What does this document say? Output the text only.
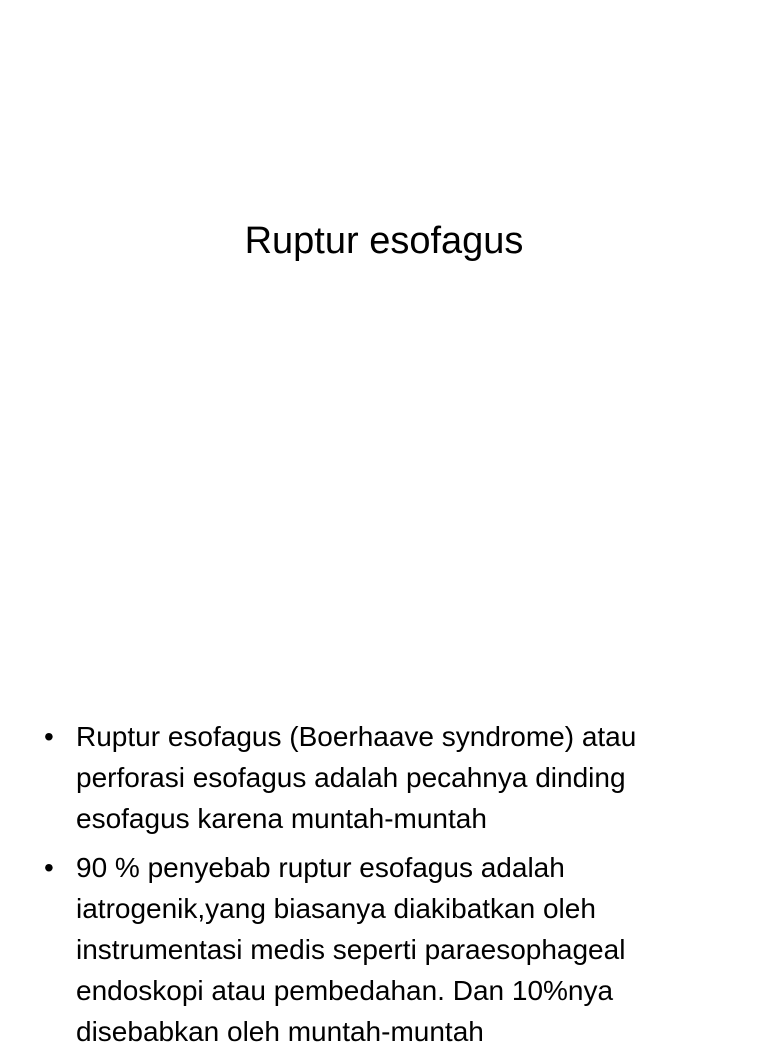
Ruptur esofagus
• Ruptur esofagus (Boerhaave syndrome) atau perforasi esofagus adalah pecahnya dinding esofagus karena muntah-muntah
• 90 % penyebab ruptur esofagus adalah iatrogenik,yang biasanya diakibatkan oleh instrumentasi medis seperti paraesophageal endoskopi atau pembedahan. Dan 10%nya disebabkan oleh muntah-muntah
